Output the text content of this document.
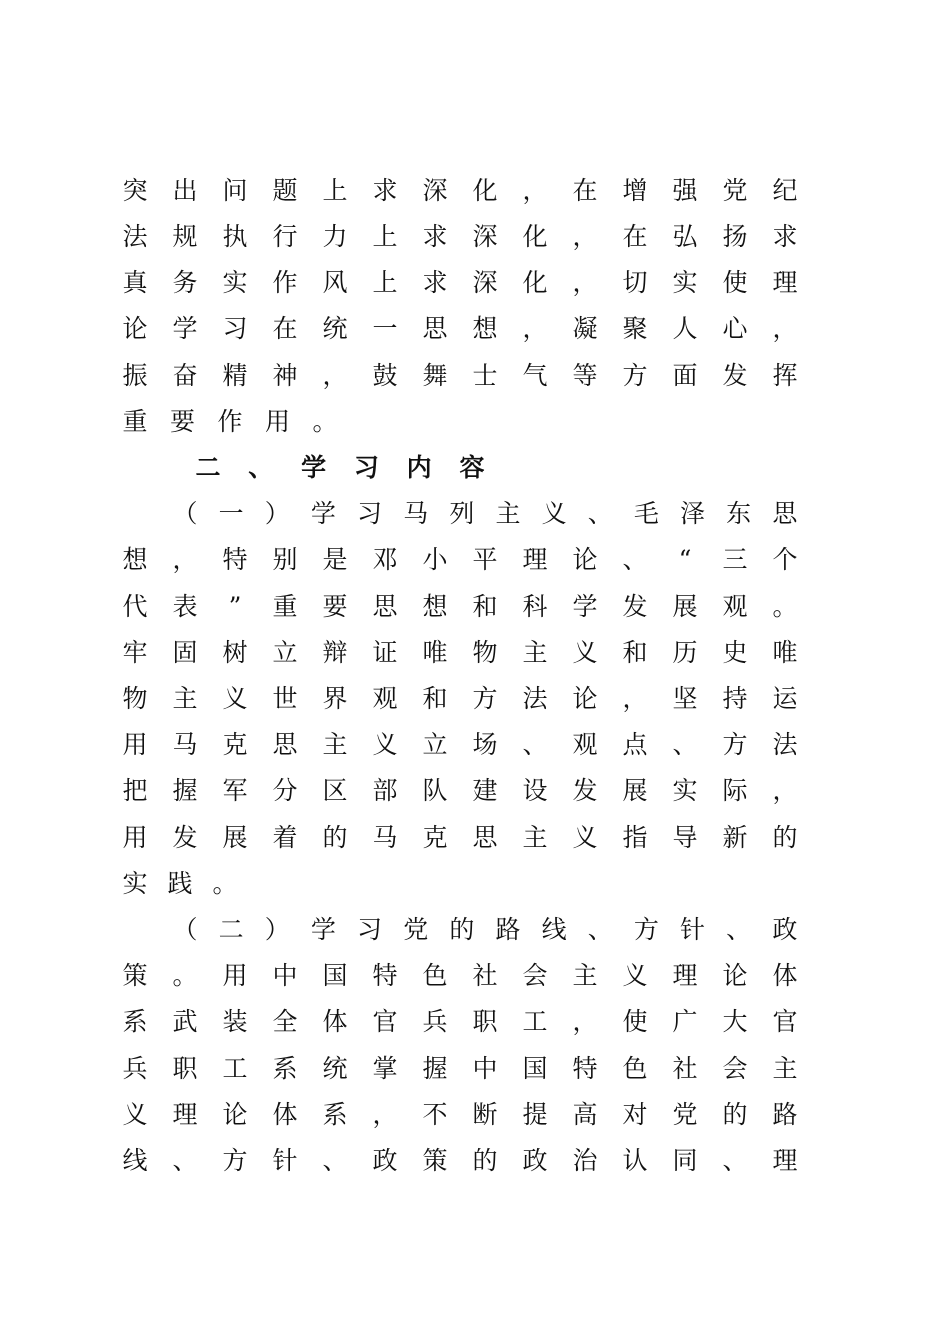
突 出 问 题 上 求 深 化 ， 在 增 强 党 纪
法 规 执 行 力 上 求 深 化 ， 在 弘 扬 求
真 务 实 作 风 上 求 深 化 ， 切 实 使 理
论 学 习 在 统 一 思 想 ， 凝 聚 人 心 ，
振 奋 精 神 ， 鼓 舞 士 气 等 方 面 发 挥
重 要 作 用 。
二 、 学 习 内 容
（ 一 ） 学 习 马 列 主 义 、 毛 泽 东 思
想 ， 特 别 是 邓 小 平 理 论 、 “ 三 个
代 表 ” 重 要 思 想 和 科 学 发 展 观 。
牢 固 树 立 辩 证 唯 物 主 义 和 历 史 唯
物 主 义 世 界 观 和 方 法 论 ， 坚 持 运
用 马 克 思 主 义 立 场 、 观 点 、 方 法
把 握 军 分 区 部 队 建 设 发 展 实 际 ，
用 发 展 着 的 马 克 思 主 义 指 导 新 的
实 践 。
（ 二 ） 学 习 党 的 路 线 、 方 针 、 政
策 。 用 中 国 特 色 社 会 主 义 理 论 体
系 武 装 全 体 官 兵 职 工 ， 使 广 大 官
兵 职 工 系 统 掌 握 中 国 特 色 社 会 主
义 理 论 体 系 ， 不 断 提 高 对 党 的 路
线 、 方 针 、 政 策 的 政 治 认 同 、 理
